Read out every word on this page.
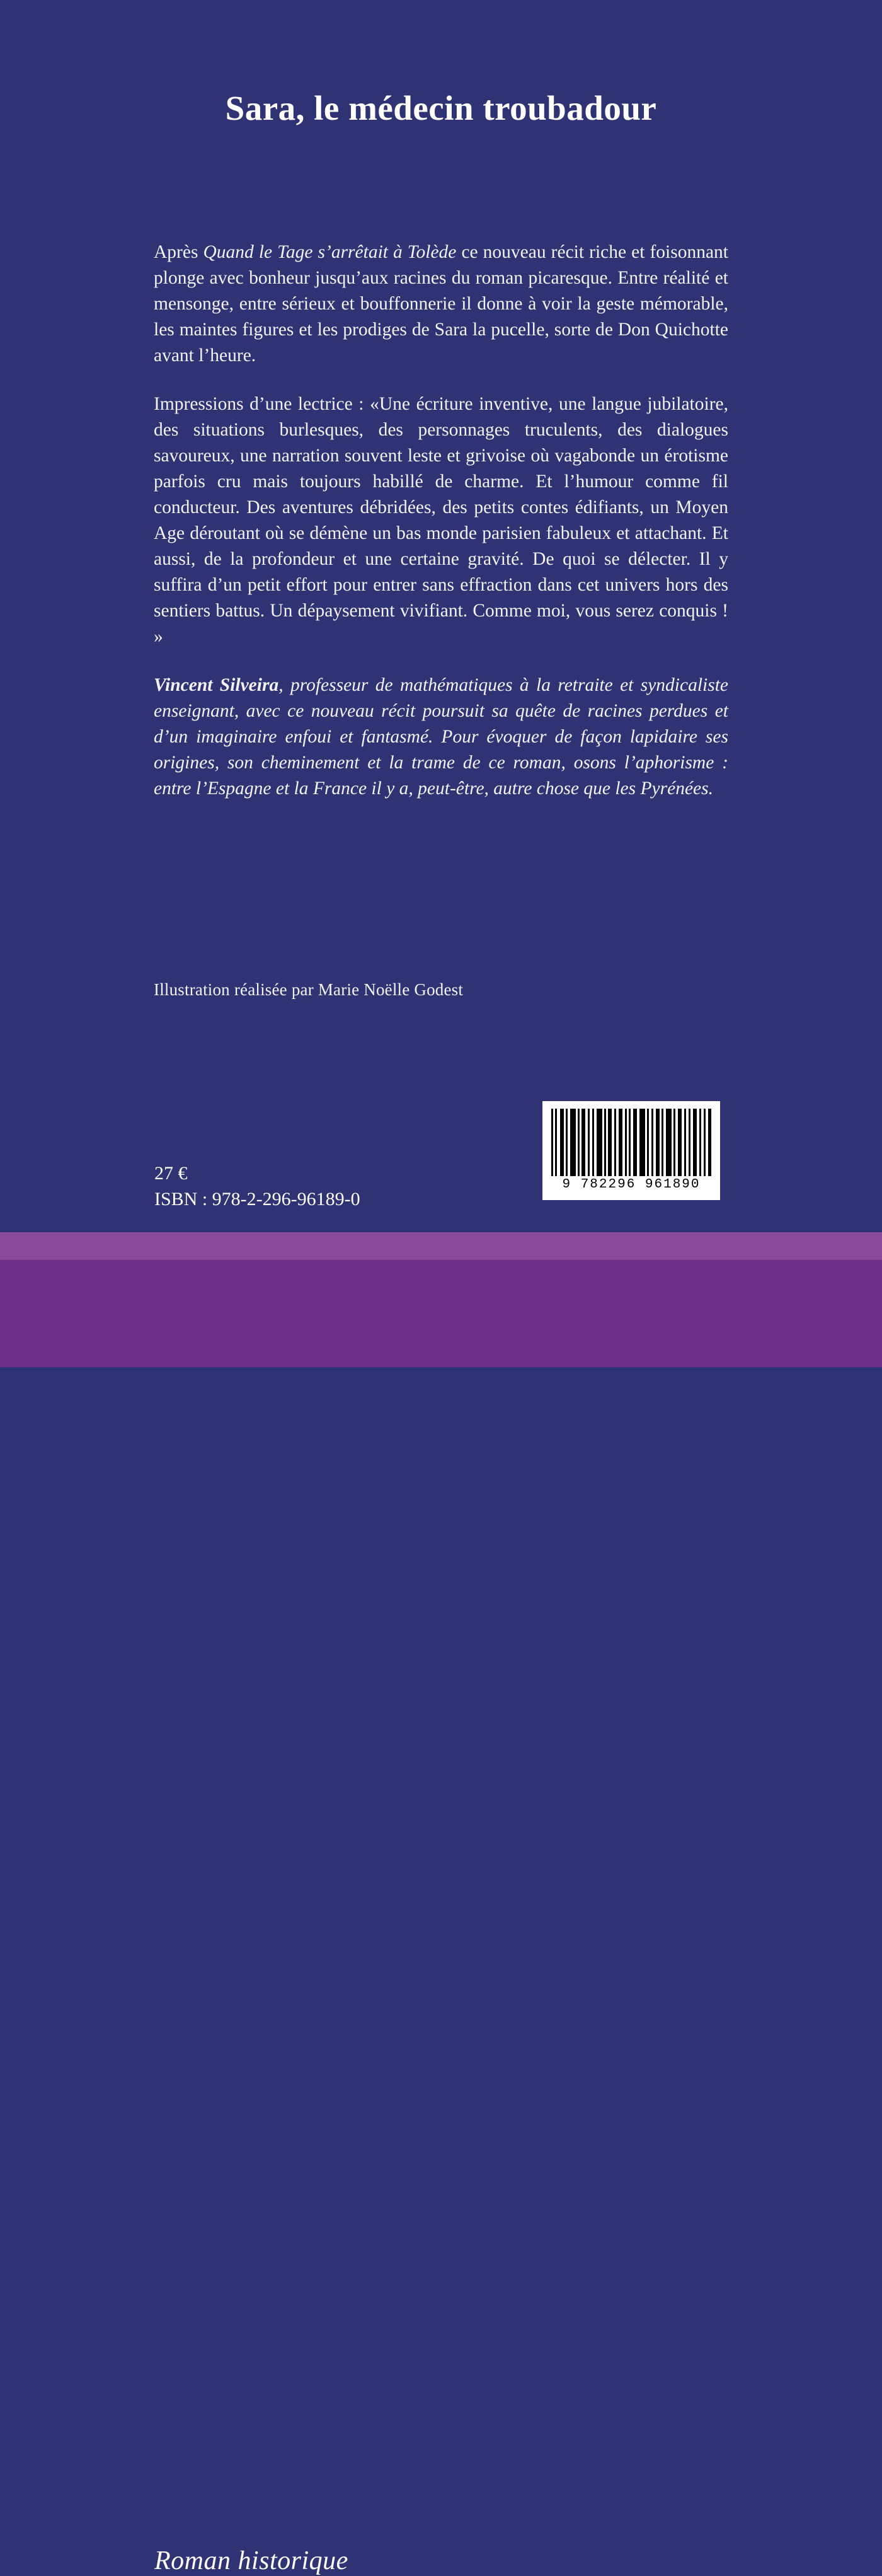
Sara, le médecin troubadour

Après Quand le Tage s’arrêtait à Tolède ce nouveau récit riche et foisonnant plonge avec bonheur jusqu’aux racines du roman picaresque. Entre réalité et mensonge, entre sérieux et bouffonnerie il donne à voir la geste mémorable, les maintes figures et les prodiges de Sara la pucelle, sorte de Don Quichotte avant l’heure.

Impressions d’une lectrice : «Une écriture inventive, une langue jubilatoire, des situations burlesques, des personnages truculents, des dialogues savoureux, une narration souvent leste et grivoise où vagabonde un érotisme parfois cru mais toujours habillé de charme. Et l’humour comme fil conducteur. Des aventures débridées, des petits contes édifiants, un Moyen Age déroutant où se démène un bas monde parisien fabuleux et attachant. Et aussi, de la profondeur et une certaine gravité. De quoi se délecter. Il y suffira d’un petit effort pour entrer sans effraction dans cet univers hors des sentiers battus. Un dépaysement vivifiant. Comme moi, vous serez conquis ! »

Vincent Silveira, professeur de mathématiques à la retraite et syndicaliste enseignant, avec ce nouveau récit poursuit sa quête de racines perdues et d’un imaginaire enfoui et fantasmé. Pour évoquer de façon lapidaire ses origines, son cheminement et la trame de ce roman, osons l’aphorisme : entre l’Espagne et la France il y a, peut-être, autre chose que les Pyrénées.

Illustration réalisée par Marie Noëlle Godest
27 €
ISBN : 978-2-296-96189-0
9 782296 961890
Roman historique
